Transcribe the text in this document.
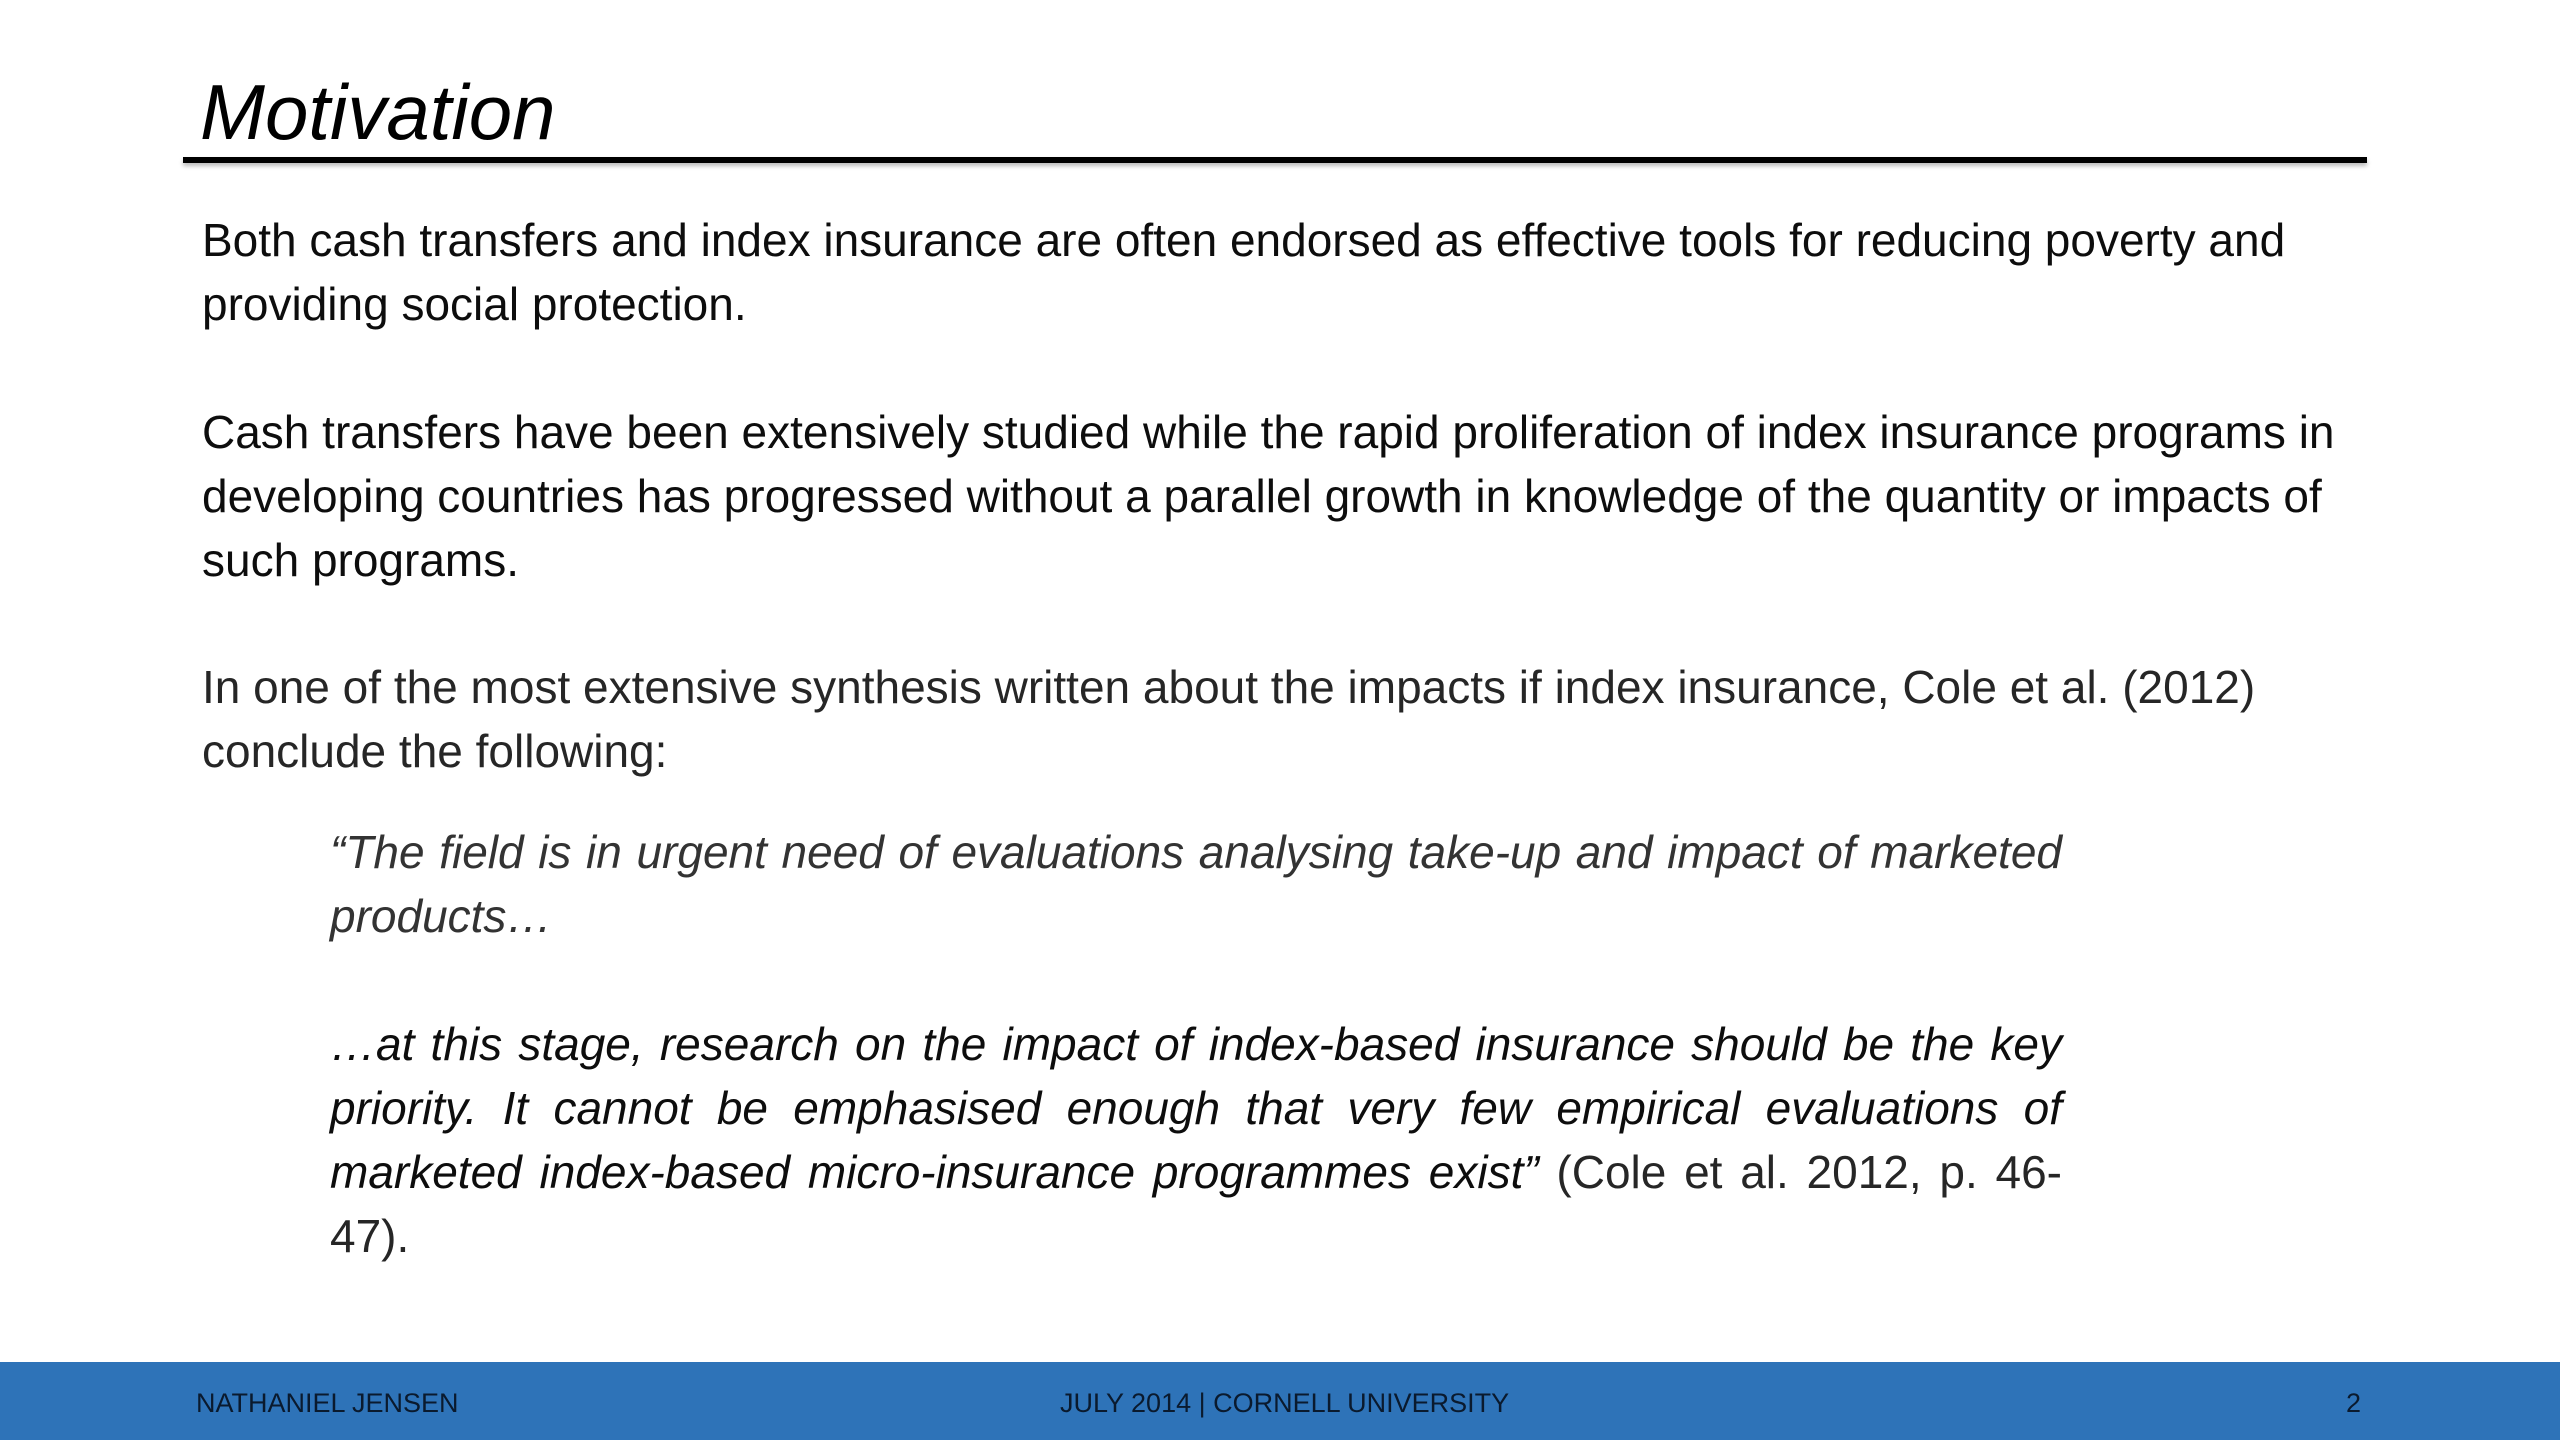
Motivation

Both cash transfers and index insurance are often endorsed as effective tools for reducing poverty and providing social protection.

Cash transfers have been extensively studied while the rapid proliferation of index insurance programs in developing countries has progressed without a parallel growth in knowledge of the quantity or impacts of such programs.

In one of the most extensive synthesis written about the impacts if index insurance, Cole et al. (2012) conclude the following:

“The field is in urgent need of evaluations analysing take-up and impact of marketed products…

…at this stage, research on the impact of index-based insurance should be the key priority. It cannot be emphasised enough that very few empirical evaluations of marketed index-based micro-insurance programmes exist” (Cole et al. 2012, p. 46-47).

NATHANIEL JENSEN	JULY 2014 | CORNELL UNIVERSITY	2
